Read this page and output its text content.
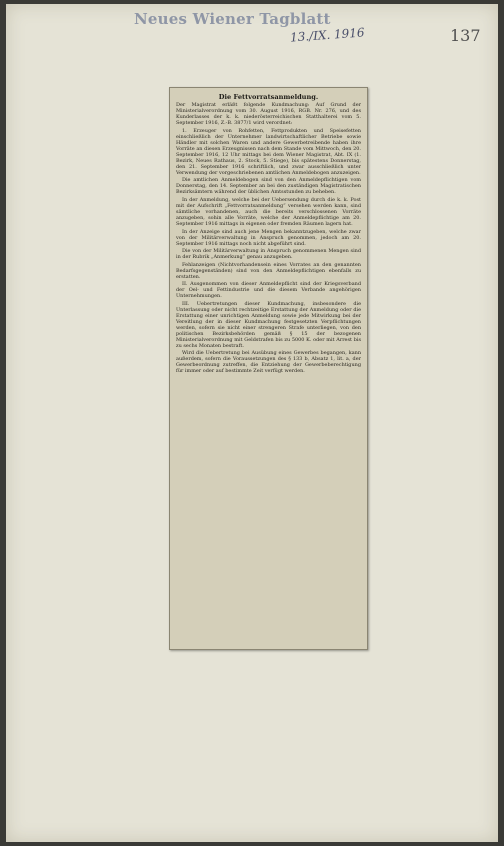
Neues Wiener Tagblatt
13./IX. 1916	137
Die Fettvorratsanmeldung.

Der Magistrat erläßt folgende Kundmachung: Auf Grund der Ministerialverordnung vom 30. August 1916, RGB. Nr. 276, und des Kunderlasses der k. k. niederösterreichischen Statthalterei vom 5. September 1916, Z.-B. 3877/1 wird verordnet:

1. Erzeuger von Rohfetten, Fettprodukten und Speisefetten einschließlich der Unternehmer landwirtschaftlicher Betriebe sowie Händler mit solchen Waren und andere Gewerbetreibende haben ihre Vorräte an diesen Erzeugnissen nach dem Stande vom Mittwoch, den 20. September 1916, 12 Uhr mittags bei dem Wiener Magistrat, Abt. IX (1. Bezirk, Neues Rathaus, 2. Stock, 5. Stiege), bis spätestens Donnerstag, den 21. September 1916 schriftlich, und zwar ausschließlich unter Verwendung der vorgeschriebenen amtlichen Anmeldebogen anzuzeigen.

Die amtlichen Anmeldebogen sind von den Anmeldepflichtigen vom Donnerstag, den 14. September an bei den zuständigen Magistratischen Bezirksämtern während der üblichen Amtsstunden zu beheben.

In der Anmeldung, welche bei der Uebersendung durch die k. k. Post mit der Aufschrift „Fettvorratsanmeldung“ versehen werden kann, sind sämtliche vorhandenen, auch die bereits verschlossenen Vorräte anzugeben, sohin alle Vorräte, welche der Anmeldepflichtige am 20. September 1916 mittags in eigenen oder fremden Räumen lagern hat.

In der Anzeige sind auch jene Mengen bekanntzugeben, welche zwar von der Militärverwaltung in Anspruch genommen, jedoch am 20. September 1916 mittags noch nicht abgeführt sind.

Die von der Militärverwaltung in Anspruch genommenen Mengen sind in der Rubrik „Anmerkung“ genau anzugeben.

Fehlanzeigen (Nichtvorhandensein eines Vorrates an den genannten Bedarfsgegenständen) sind von den Anmeldepflichtigen ebenfalls zu erstatten.

II. Ausgenommen von dieser Anmeldepflicht sind der Kriegsverband der Oel- und Fettindustrie und die diesem Verbande angehörigen Unternehmungen.

III. Uebertretungen dieser Kundmachung, insbesondere die Unterlassung oder nicht rechtzeitige Erstattung der Anmeldung oder die Erstattung einer unrichtigen Anmeldung sowie jede Mitwirkung bei der Vereitlung der in dieser Kundmachung festgesetzten Verpflichtungen werden, sofern sie nicht einer strengeren Strafe unterliegen, von den politischen Bezirksbehörden gemäß § 15 der bezogenen Ministerialverordnung mit Geldstrafen bis zu 5000 K. oder mit Arrest bis zu sechs Monaten bestraft.

Wird die Uebertretung bei Ausübung eines Gewerbes begangen, kann außerdem, sofern die Voraussetzungen des § 133 b, Absatz 1, lit. a, der Gewerbeordnung zutreffen, die Entziehung der Gewerbeberechtigung für immer oder auf bestimmte Zeit verfügt werden.
